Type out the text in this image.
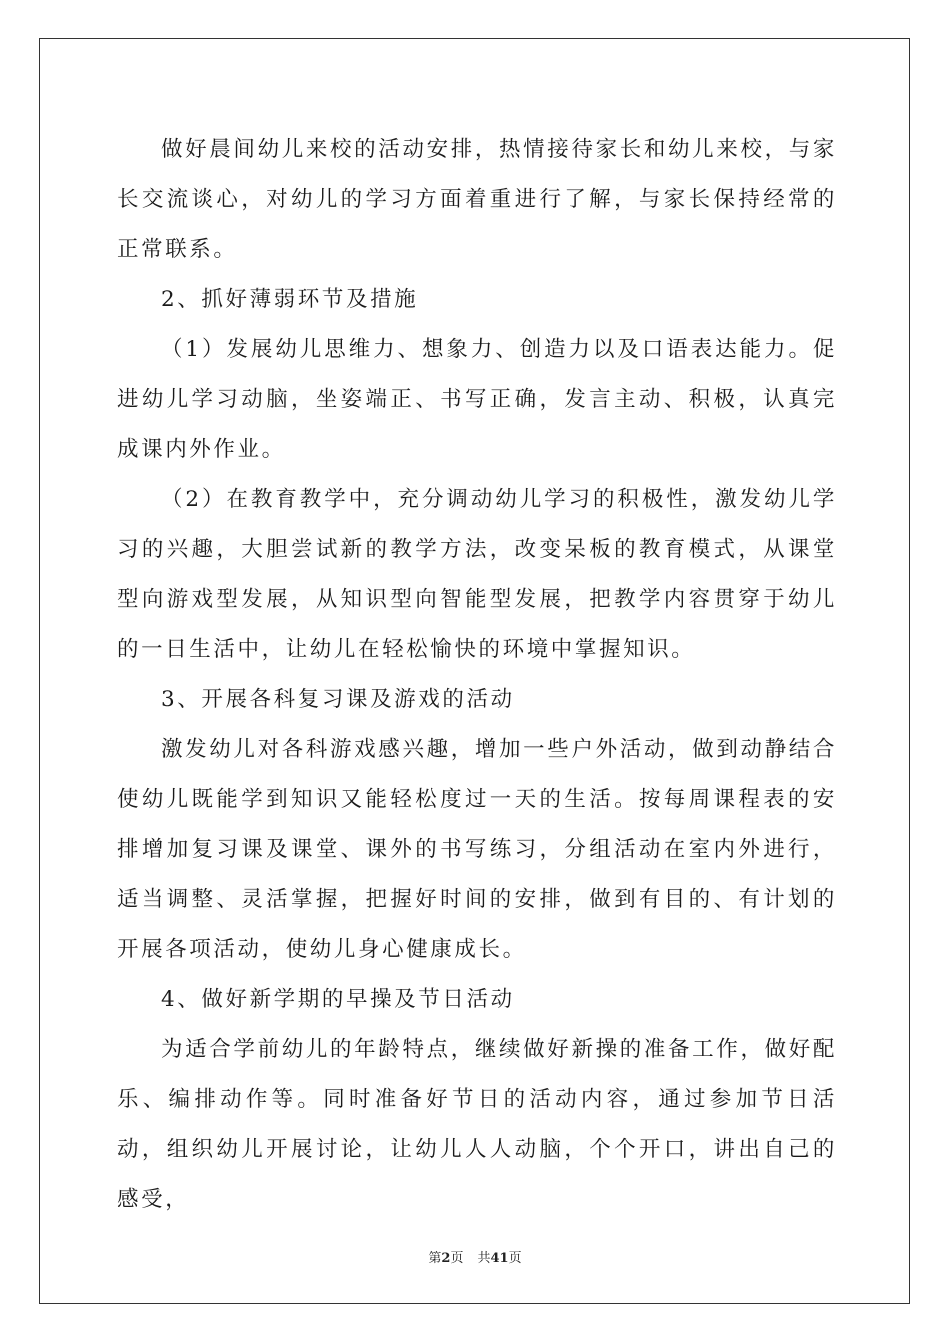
做好晨间幼儿来校的活动安排，热情接待家长和幼儿来校，与家长交流谈心，对幼儿的学习方面着重进行了解，与家长保持经常的正常联系。

2、抓好薄弱环节及措施

（1）发展幼儿思维力、想象力、创造力以及口语表达能力。促进幼儿学习动脑，坐姿端正、书写正确，发言主动、积极，认真完成课内外作业。

（2）在教育教学中，充分调动幼儿学习的积极性，激发幼儿学习的兴趣，大胆尝试新的教学方法，改变呆板的教育模式，从课堂型向游戏型发展，从知识型向智能型发展，把教学内容贯穿于幼儿的一日生活中，让幼儿在轻松愉快的环境中掌握知识。

3、开展各科复习课及游戏的活动

激发幼儿对各科游戏感兴趣，增加一些户外活动，做到动静结合使幼儿既能学到知识又能轻松度过一天的生活。按每周课程表的安排增加复习课及课堂、课外的书写练习，分组活动在室内外进行，适当调整、灵活掌握，把握好时间的安排，做到有目的、有计划的开展各项活动，使幼儿身心健康成长。

4、做好新学期的早操及节日活动

为适合学前幼儿的年龄特点，继续做好新操的准备工作，做好配乐、编排动作等。同时准备好节日的活动内容，通过参加节日活动，组织幼儿开展讨论，让幼儿人人动脑，个个开口，讲出自己的感受，

第2页 共41页
